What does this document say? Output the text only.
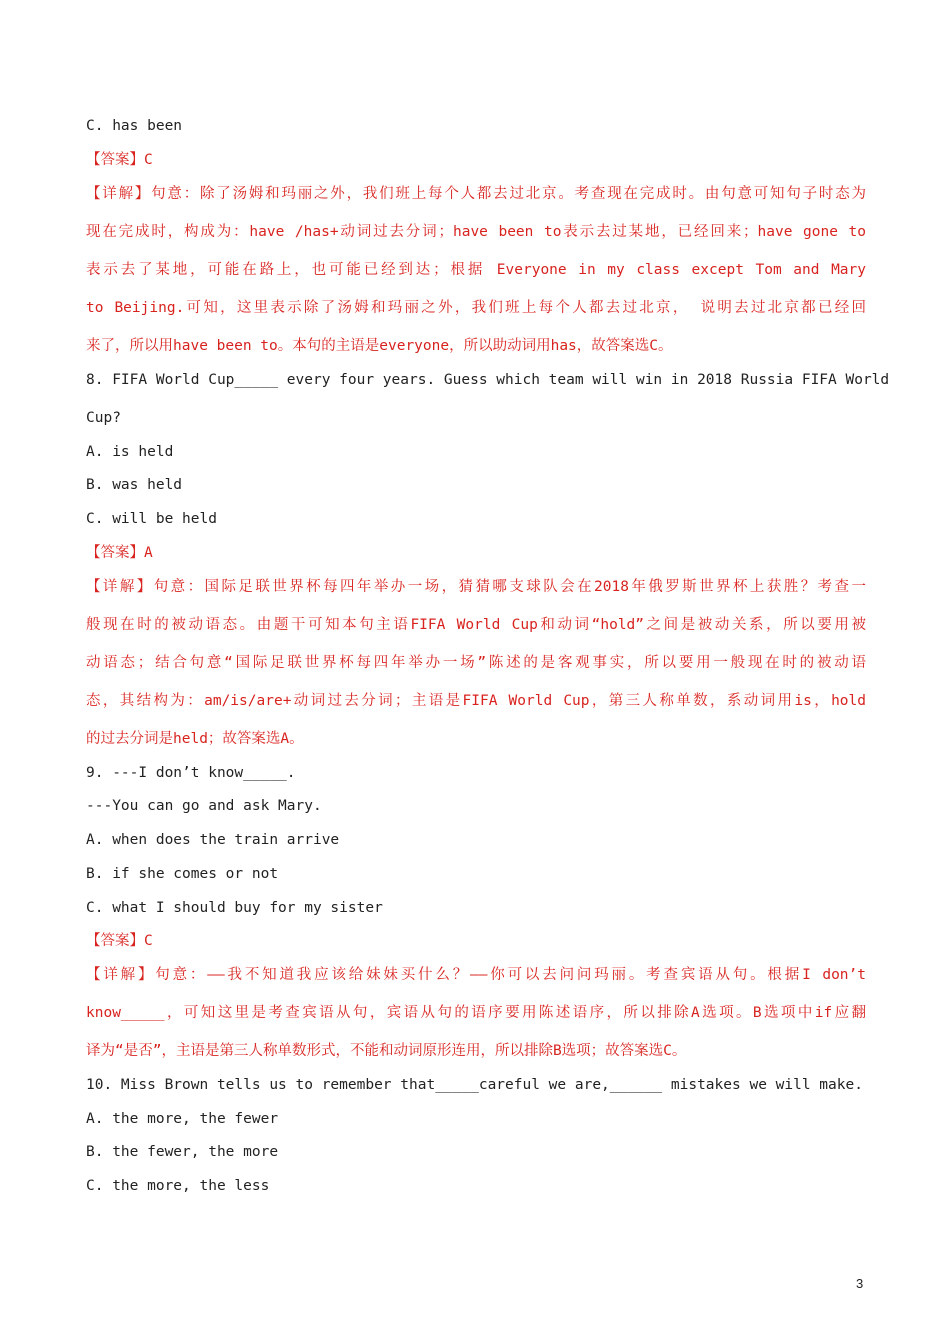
C. has been
【答案】C
【详解】句意：除了汤姆和玛丽之外，我们班上每个人都去过北京。考查现在完成时。由句意可知句子时态为
现在完成时，构成为：have /has+动词过去分词；have been to表示去过某地，已经回来；have gone to
表示去了某地，可能在路上，也可能已经到达；根据 Everyone in my class except Tom and Mary
to Beijing.可知，这里表示除了汤姆和玛丽之外，我们班上每个人都去过北京， 说明去过北京都已经回
来了，所以用have been to。本句的主语是everyone，所以助动词用has，故答案选C。
8. FIFA World Cup_____ every four years. Guess which team will win in 2018 Russia FIFA World
Cup?
A. is held
B. was held
C. will be held
【答案】A
【详解】句意：国际足联世界杯每四年举办一场，猜猜哪支球队会在2018年俄罗斯世界杯上获胜？考查一
般现在时的被动语态。由题干可知本句主语FIFA World Cup和动词“hold”之间是被动关系，所以要用被
动语态；结合句意“国际足联世界杯每四年举办一场”陈述的是客观事实，所以要用一般现在时的被动语
态，其结构为：am/is/are+动词过去分词；主语是FIFA World Cup，第三人称单数，系动词用is，hold
的过去分词是held；故答案选A。
9. ---I don’t know_____.
---You can go and ask Mary.
A. when does the train arrive
B. if she comes or not
C. what I should buy for my sister
【答案】C
【详解】句意：——我不知道我应该给妹妹买什么？——你可以去问问玛丽。考查宾语从句。根据I don’t
know_____，可知这里是考查宾语从句，宾语从句的语序要用陈述语序，所以排除A选项。B选项中if应翻
译为“是否”，主语是第三人称单数形式，不能和动词原形连用，所以排除B选项；故答案选C。
10. Miss Brown tells us to remember that_____careful we are,______ mistakes we will make.
A. the more, the fewer
B. the fewer, the more
C. the more, the less
3
